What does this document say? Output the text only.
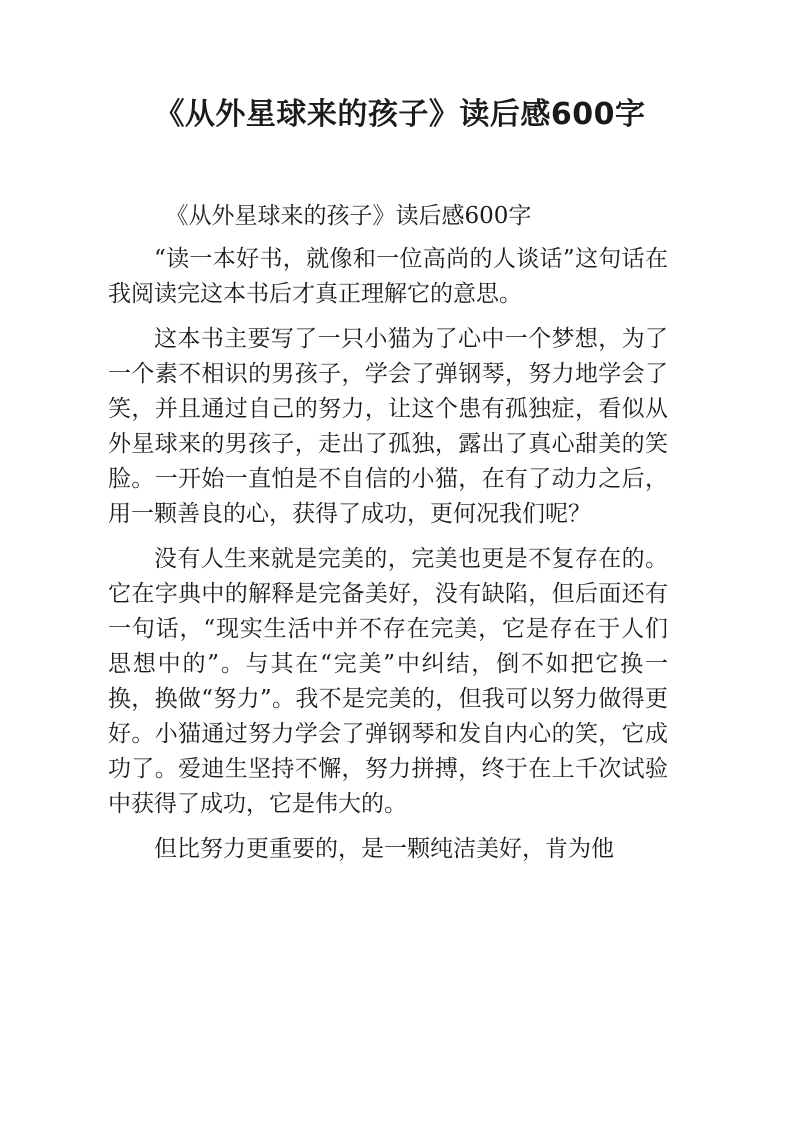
《从外星球来的孩子》读后感600字

《从外星球来的孩子》读后感600字

“读一本好书，就像和一位高尚的人谈话”这句话在我阅读完这本书后才真正理解它的意思。

这本书主要写了一只小猫为了心中一个梦想，为了一个素不相识的男孩子，学会了弹钢琴，努力地学会了笑，并且通过自己的努力，让这个患有孤独症，看似从外星球来的男孩子，走出了孤独，露出了真心甜美的笑脸。一开始一直怕是不自信的小猫，在有了动力之后，用一颗善良的心，获得了成功，更何况我们呢？

没有人生来就是完美的，完美也更是不复存在的。它在字典中的解释是完备美好，没有缺陷，但后面还有一句话，“现实生活中并不存在完美，它是存在于人们思想中的”。与其在“完美”中纠结，倒不如把它换一换，换做“努力”。我不是完美的，但我可以努力做得更好。小猫通过努力学会了弹钢琴和发自内心的笑，它成功了。爱迪生坚持不懈，努力拼搏，终于在上千次试验中获得了成功，它是伟大的。

但比努力更重要的，是一颗纯洁美好，肯为他
